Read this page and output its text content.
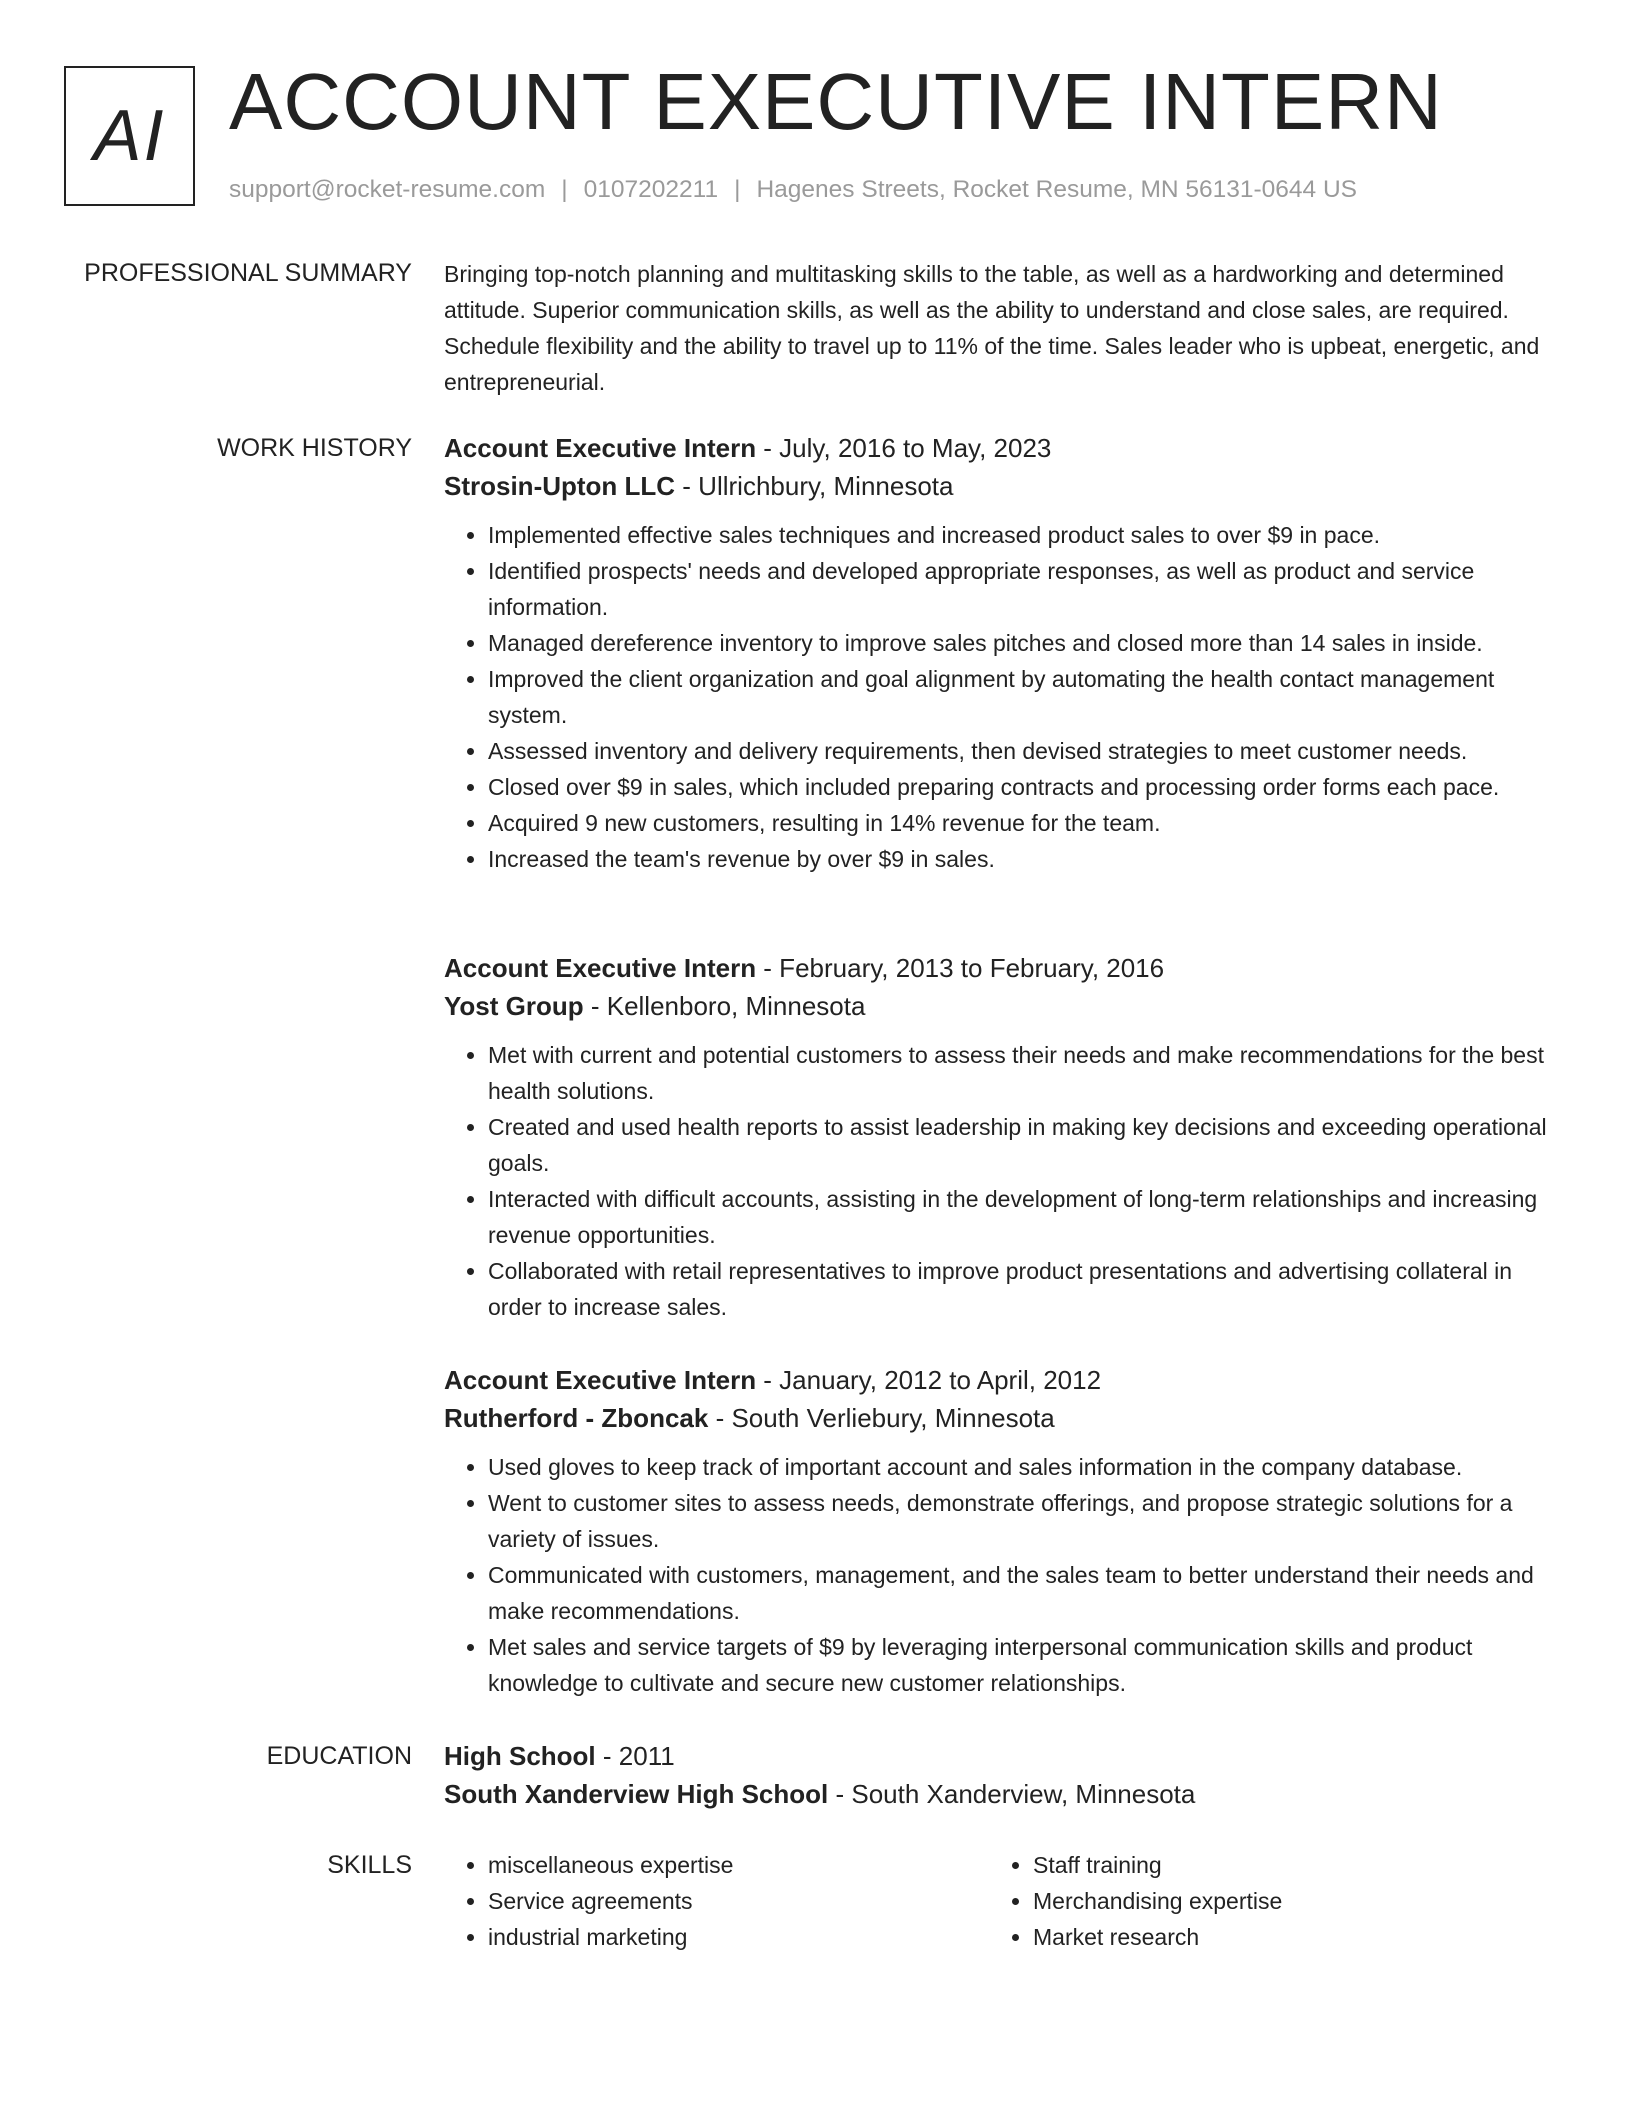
AI ACCOUNT EXECUTIVE INTERN
support@rocket-resume.com | 0107202211 | Hagenes Streets, Rocket Resume, MN 56131-0644 US
PROFESSIONAL SUMMARY Bringing top-notch planning and multitasking skills to the table, as well as a hardworking and determined attitude. Superior communication skills, as well as the ability to understand and close sales, are required. Schedule flexibility and the ability to travel up to 11% of the time. Sales leader who is upbeat, energetic, and entrepreneurial.

WORK HISTORY Account Executive Intern - July, 2016 to May, 2023
Strosin-Upton LLC - Ullrichbury, Minnesota
• Implemented effective sales techniques and increased product sales to over $9 in pace.
• Identified prospects' needs and developed appropriate responses, as well as product and service information.
• Managed dereference inventory to improve sales pitches and closed more than 14 sales in inside.
• Improved the client organization and goal alignment by automating the health contact management system.
• Assessed inventory and delivery requirements, then devised strategies to meet customer needs.
• Closed over $9 in sales, which included preparing contracts and processing order forms each pace.
• Acquired 9 new customers, resulting in 14% revenue for the team.
• Increased the team's revenue by over $9 in sales.
Account Executive Intern - February, 2013 to February, 2016
Yost Group - Kellenboro, Minnesota
• Met with current and potential customers to assess their needs and make recommendations for the best health solutions.
• Created and used health reports to assist leadership in making key decisions and exceeding operational goals.
• Interacted with difficult accounts, assisting in the development of long-term relationships and increasing revenue opportunities.
• Collaborated with retail representatives to improve product presentations and advertising collateral in order to increase sales.
Account Executive Intern - January, 2012 to April, 2012
Rutherford - Zboncak - South Verliebury, Minnesota
• Used gloves to keep track of important account and sales information in the company database.
• Went to customer sites to assess needs, demonstrate offerings, and propose strategic solutions for a variety of issues.
• Communicated with customers, management, and the sales team to better understand their needs and make recommendations.
• Met sales and service targets of $9 by leveraging interpersonal communication skills and product knowledge to cultivate and secure new customer relationships.
EDUCATION High School - 2011
South Xanderview High School - South Xanderview, Minnesota
SKILLS
•	miscellaneous expertise
• Service agreements
• industrial marketing
• Staff training
• Merchandising expertise
• Market research
